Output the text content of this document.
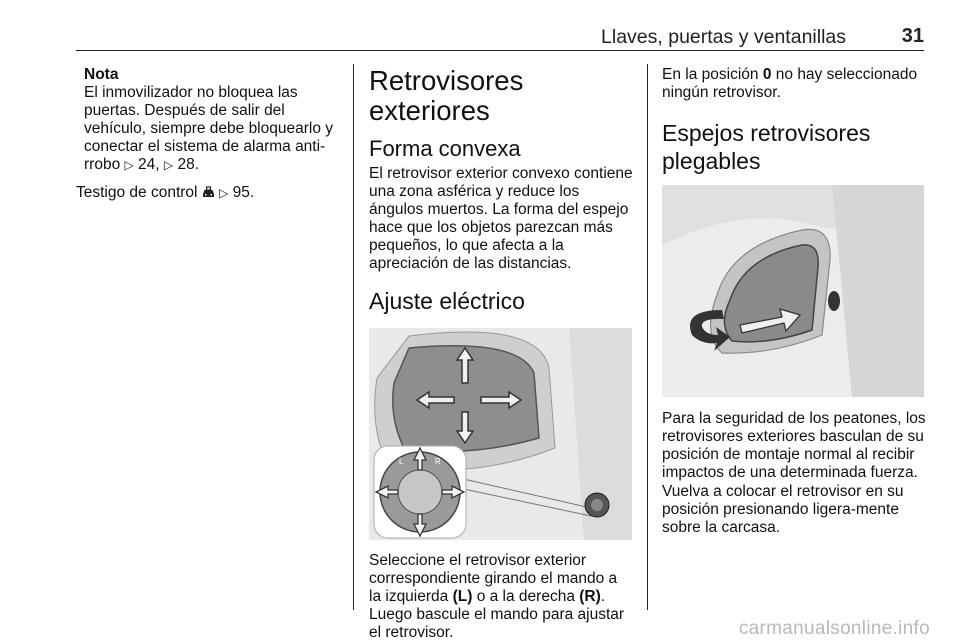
Llaves, puertas y ventanillas	31
Nota
El inmovilizador no bloquea las puertas. Después de salir del vehículo, siempre debe bloquearlo y conectar el sistema de alarma anti-rrobo ▷ 24, ▷ 28.

Testigo de control ▷ 95.

Retrovisores exteriores
Forma convexa

El retrovisor exterior convexo contiene una zona asférica y reduce los ángulos muertos. La forma del espejo hace que los objetos parezcan más pequeños, lo que afecta a la apreciación de las distancias.

Ajuste eléctrico
L	R

Seleccione el retrovisor exterior correspondiente girando el mando a la izquierda (L) o a la derecha (R). Luego bascule el mando para ajustar el retrovisor.

En la posición 0 no hay seleccionado ningún retrovisor.

Espejos retrovisores plegables

Para la seguridad de los peatones, los retrovisores exteriores basculan de su posición de montaje normal al recibir impactos de una determinada fuerza. Vuelva a colocar el retrovisor en su posición presionando ligera-mente sobre la carcasa.

carmanualsonline.info
